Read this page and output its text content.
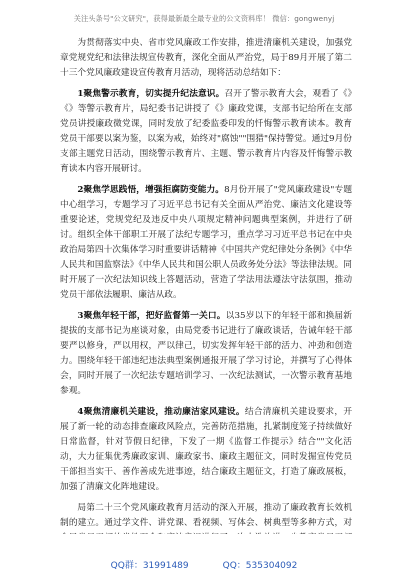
关注头条号"公文研究"，获得最新最全最专业的公文资料库！ 微信：gongwenyj

为贯彻落实中央、省市党风廉政工作安排，推进清廉机关建设，加强党章党规党纪和法律法规宣传教育，深化全面从严治党，局于89月开展了第二十三个党风廉政建设宣传教育月活动，现将活动总结如下：

1聚焦警示教育，切实提升纪法意识。召开了警示教育大会，观看了《》《》等警示教育片，局纪委书记讲授了《》廉政党课，支部书记给所在支部党员讲授廉政微党课，同时发放了纪委监委印发的忏悔警示教育读本。教育党员干部要以案为鉴，以案为戒，始终对"腐蚀""围猎"保持警觉。通过9月份支部主题党日活动，围绕警示教育片、主题、警示教育片内容及忏悔警示教育读本内容开展研讨。

2聚焦学思践悟，增强拒腐防变能力。8月份开展了"党风廉政建设"专题中心组学习，专题学习了习近平总书记有关全面从严治党、廉洁文化建设等重要论述，党规党纪及违反中央八项规定精神问题典型案例，并进行了研讨。组织全体干部职工开展了法纪专题学习，重点学习习近平总书记在中央政治局第四十次集体学习时重要讲话精神《中国共产党纪律处分条例》《中华人民共和国监察法》《中华人民共和国公职人员政务处分法》等法律法规。同时开展了一次纪法知识线上答题活动，营造了学法用法遵法守法氛围，推动党员干部依法履职、廉洁从政。

3聚焦年轻干部，把好监督第一关口。以35岁以下的年轻干部和换届新提拔的支部书记为座谈对象，由局党委书记进行了廉政谈话，告诫年轻干部要严以修身，严以用权，严以律己，切实发挥年轻干部的活力、冲劲和创造力。围绕年轻干部违纪违法典型案例通报开展了学习讨论，并撰写了心得体会，同时开展了一次纪法专题培训学习、一次纪法测试，一次警示教育基地参观。

4聚焦清廉机关建设，推动廉洁家风建设。结合清廉机关建设要求，开展了新一轮的动态排查廉政风险点，完善防范措施，扎紧制度笼子持续做好日常监督，针对节假日纪律，下发了一期《监督工作提示》结合""文化活动，大力征集优秀廉政家训、廉政家书、廉政主题征文，同时发掘宣传党员干部担当实干、善作善成先进事迹，结合廉政主题征文，打造了廉政展板，加强了清廉文化阵地建设。

局第二十三个党风廉政教育月活动的深入开展，推动了廉政教育长效机制的建立。通过学文件、讲党课、看视频、写体会、树典型等多种方式，对

QQ群：31991489	QQ：535304092
